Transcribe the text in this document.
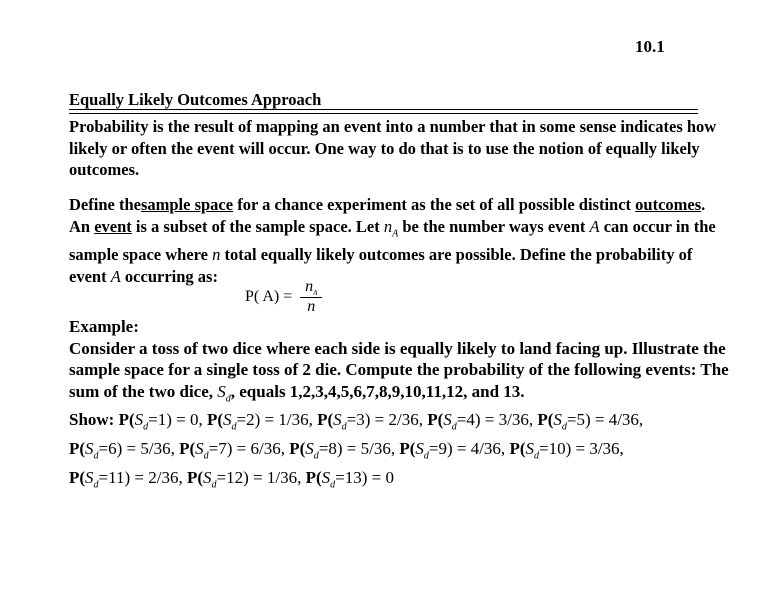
10.1
Equally Likely Outcomes Approach
Probability is the result of mapping an event into a number that in some sense indicates how likely or often the event will occur. One way to do that is to use the notion of equally likely outcomes.
Define thesample space for a chance experiment as the set of all possible distinct outcomes. An event is a subset of the sample space. Let $n_A$ be the number ways event A can occur in the sample space where n total equally likely outcomes are possible. Define the probability of event A occurring as:
P( $A) = \frac{n_A}{n}$
Example:
Consider a toss of two dice where each side is equally likely to land facing up. Illustrate the sample space for a single toss of 2 die. Compute the probability of the following events: The sum of the two dice, $S_d$, equals 1,2,3,4,5,6,7,8,9,10,11,12, and 13.
Show: $P(S_d=1) = 0$, $P(S_d=2) = 1/36$, $P(S_d=3) = 2/36$, $P(S_d=4) = 3/36$, $P(S_d=5) = 4/36$,
$P(S_d=6) = 5/36$, $P(S_d=7) = 6/36$, $P(S_d=8) = 5/36$, $P(S_d=9) = 4/36$, $P(S_d=10) = 3/36$,
$P(S_d=11) = 2/36$, $P(S_d=12) = 1/36$, $P(S_d=13) = 0$
